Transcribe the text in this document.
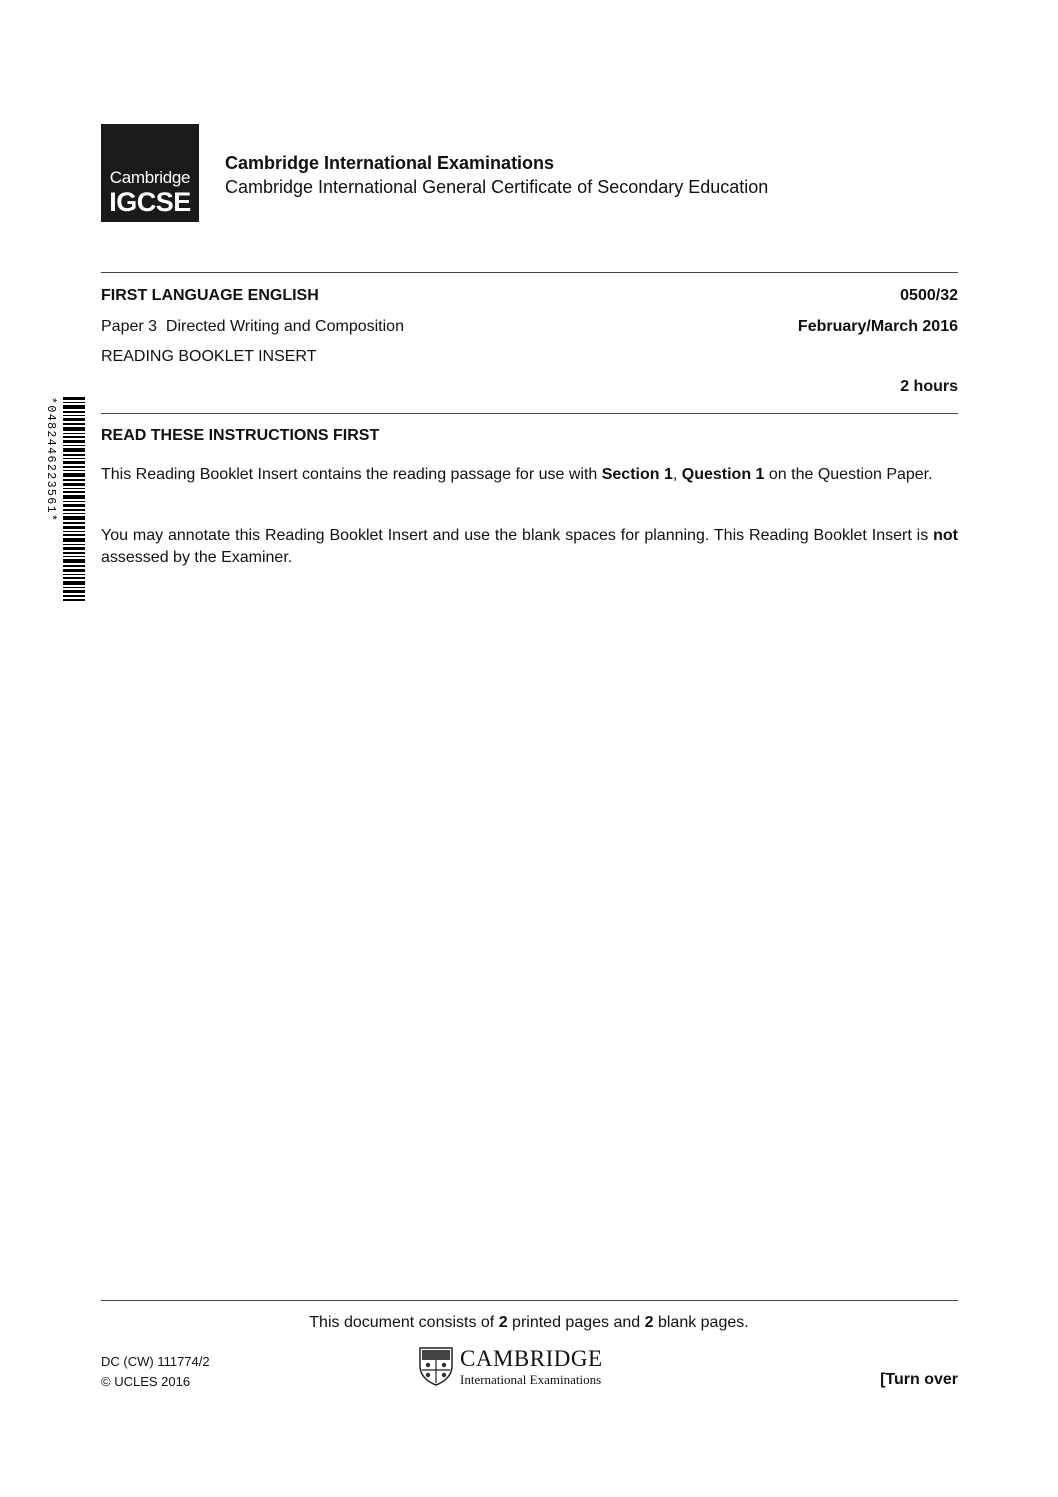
Cambridge
IGCSE
Cambridge International Examinations
Cambridge International General Certificate of Secondary Education
FIRST LANGUAGE ENGLISH	0500/32
Paper 3  Directed Writing and Composition	February/March 2016
READING BOOKLET INSERT
2 hours
*0482446223561*	READ THESE INSTRUCTIONS FIRST
This Reading Booklet Insert contains the reading passage for use with Section 1, Question 1 on the Question Paper.
You may annotate this Reading Booklet Insert and use the blank spaces for planning. This Reading Booklet Insert is not assessed by the Examiner.
This document consists of 2 printed pages and 2 blank pages.
DC (CW) 111774/2
© UCLES 2016
CAMBRIDGE
International Examinations	[Turn over
